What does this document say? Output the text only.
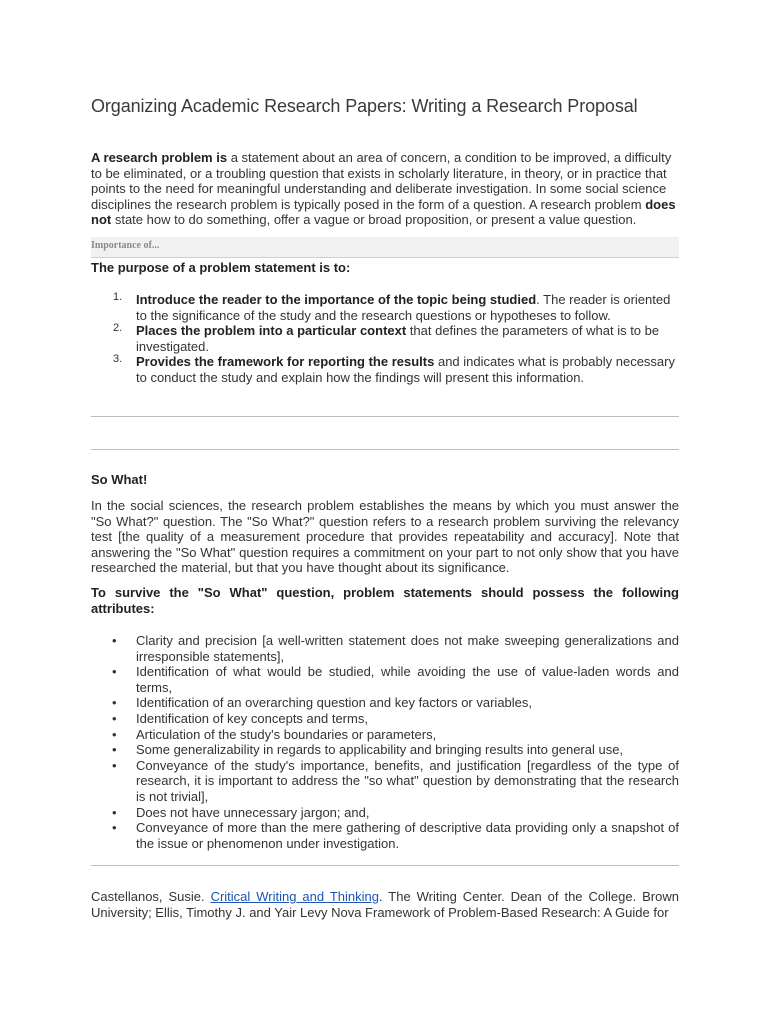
Organizing Academic Research Papers: Writing a Research Proposal

A research problem is a statement about an area of concern, a condition to be improved, a difficulty to be eliminated, or a troubling question that exists in scholarly literature, in theory, or in practice that points to the need for meaningful understanding and deliberate investigation. In some social science disciplines the research problem is typically posed in the form of a question. A research problem does not state how to do something, offer a vague or broad proposition, or present a value question.

Importance of...

The purpose of a problem statement is to:

1. Introduce the reader to the importance of the topic being studied. The reader is oriented to the significance of the study and the research questions or hypotheses to follow.

2. Places the problem into a particular context that defines the parameters of what is to be investigated.

3. Provides the framework for reporting the results and indicates what is probably necessary to conduct the study and explain how the findings will present this information.

So What!

In the social sciences, the research problem establishes the means by which you must answer the "So What?" question. The "So What?" question refers to a research problem surviving the relevancy test [the quality of a measurement procedure that provides repeatability and accuracy]. Note that answering the "So What" question requires a commitment on your part to not only show that you have researched the material, but that you have thought about its significance.

To survive the "So What" question, problem statements should possess the following attributes:

• Clarity and precision [a well-written statement does not make sweeping generalizations and irresponsible statements],

• Identification of what would be studied, while avoiding the use of value-laden words and terms,

• Identification of an overarching question and key factors or variables,

• Identification of key concepts and terms,

• Articulation of the study's boundaries or parameters,

• Some generalizability in regards to applicability and bringing results into general use,

• Conveyance of the study's importance, benefits, and justification [regardless of the type of research, it is important to address the "so what" question by demonstrating that the research is not trivial],

• Does not have unnecessary jargon; and,

• Conveyance of more than the mere gathering of descriptive data providing only a snapshot of the issue or phenomenon under investigation.

Castellanos, Susie. Critical Writing and Thinking. The Writing Center. Dean of the College. Brown University; Ellis, Timothy J. and Yair Levy Nova Framework of Problem-Based Research: A Guide for
